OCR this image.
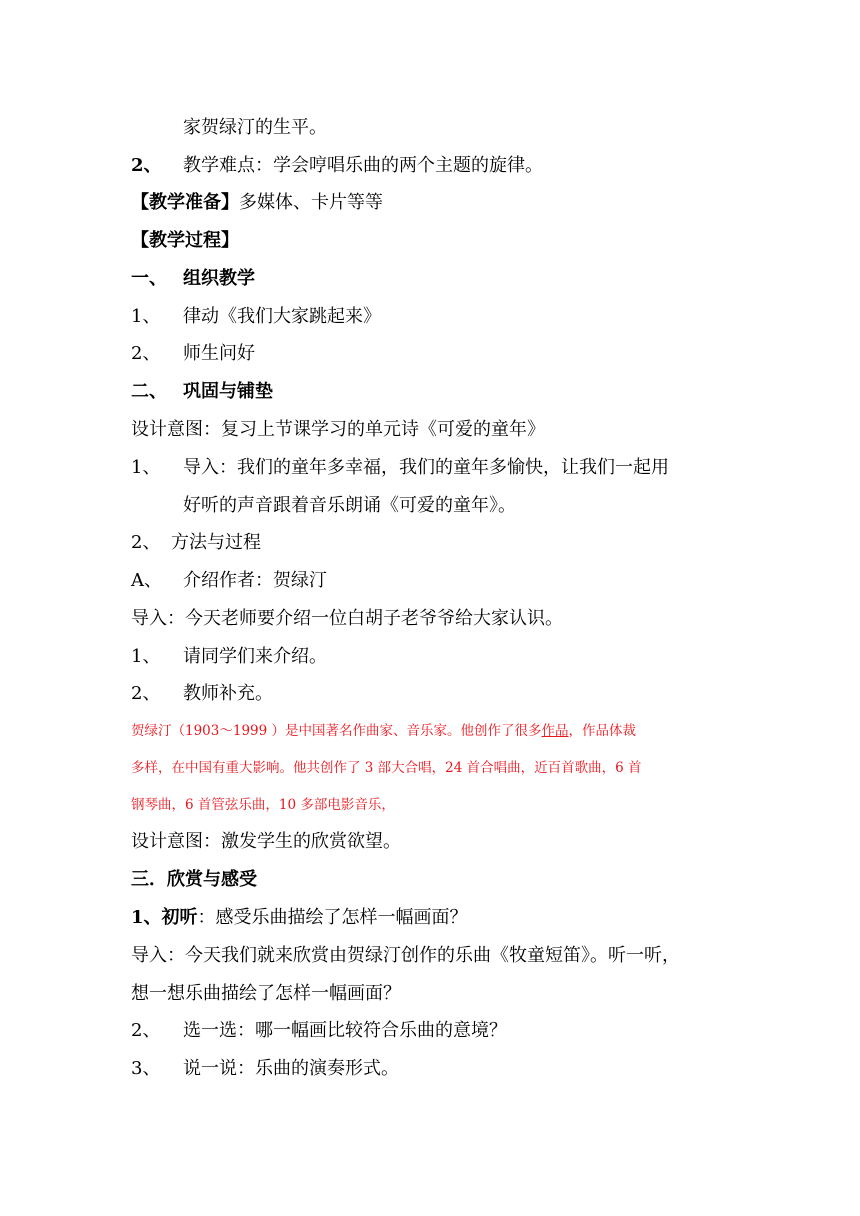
家贺绿汀的生平。
2、 教学难点：学会哼唱乐曲的两个主题的旋律。
【教学准备】多媒体、卡片等等
【教学过程】
一、 组织教学
1、 律动《我们大家跳起来》
2、 师生问好
二、 巩固与铺垫
设计意图：复习上节课学习的单元诗《可爱的童年》
1、 导入：我们的童年多幸福，我们的童年多愉快，让我们一起用
好听的声音跟着音乐朗诵《可爱的童年》。
2、 方法与过程
A、 介绍作者：贺绿汀
导入：今天老师要介绍一位白胡子老爷爷给大家认识。
1、 请同学们来介绍。
2、 教师补充。
贺绿汀（1903～1999 ）是中国著名作曲家、音乐家。他创作了很多作品，作品体裁
多样，在中国有重大影响。他共创作了 3 部大合唱，24 首合唱曲，近百首歌曲，6 首
钢琴曲，6 首管弦乐曲，10 多部电影音乐，
设计意图：激发学生的欣赏欲望。
三．欣赏与感受
1、初听：感受乐曲描绘了怎样一幅画面？
导入：今天我们就来欣赏由贺绿汀创作的乐曲《牧童短笛》。听一听，
想一想乐曲描绘了怎样一幅画面？
2、 选一选：哪一幅画比较符合乐曲的意境？
3、 说一说：乐曲的演奏形式。
